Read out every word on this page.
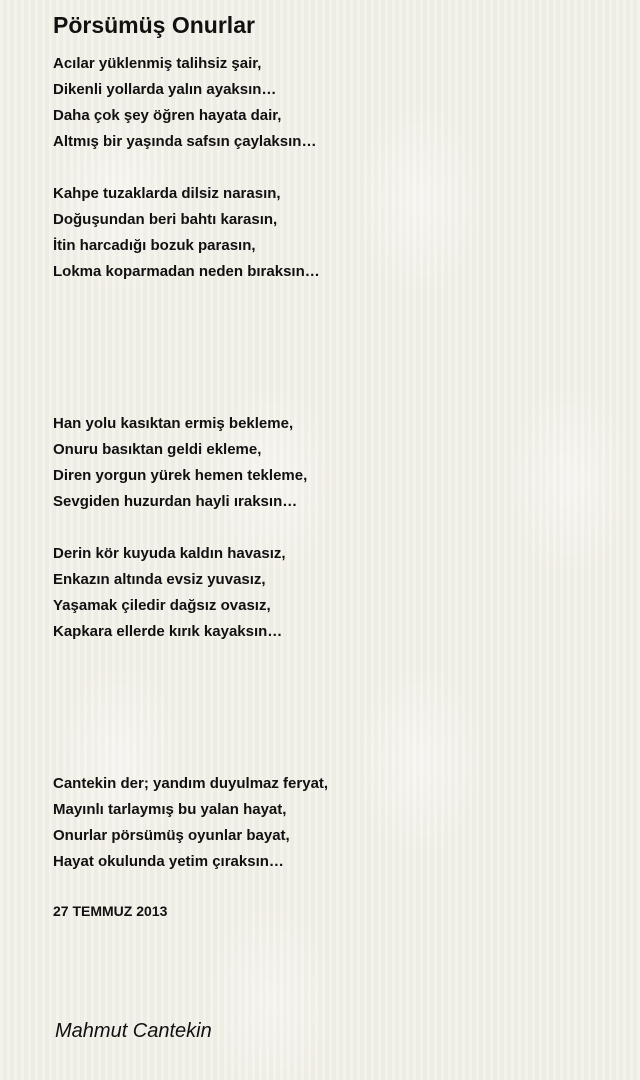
Pörsümüş Onurlar
Acılar yüklenmiş talihsiz şair,
Dikenli yollarda yalın ayaksın…
Daha çok şey öğren hayata dair,
Altmış bir yaşında safsın çaylaksın…
Kahpe tuzaklarda dilsiz narasın,
Doğuşundan beri bahtı karasın,
İtin harcadığı bozuk parasın,
Lokma koparmadan neden bıraksın…
Han yolu kasıktan ermiş bekleme,
Onuru basıktan geldi ekleme,
Diren yorgun yürek hemen tekleme,
Sevgiden huzurdan hayli ıraksın…
Derin kör kuyuda kaldın havasız,
Enkazın altında evsiz yuvasız,
Yaşamak çiledir dağsız ovasız,
Kapkara ellerde kırık kayaksın…
Cantekin der; yandım duyulmaz feryat,
Mayınlı tarlaymış bu yalan hayat,
Onurlar pörsümüş oyunlar bayat,
Hayat okulunda yetim çıraksın…
27 TEMMUZ 2013
Mahmut Cantekin
